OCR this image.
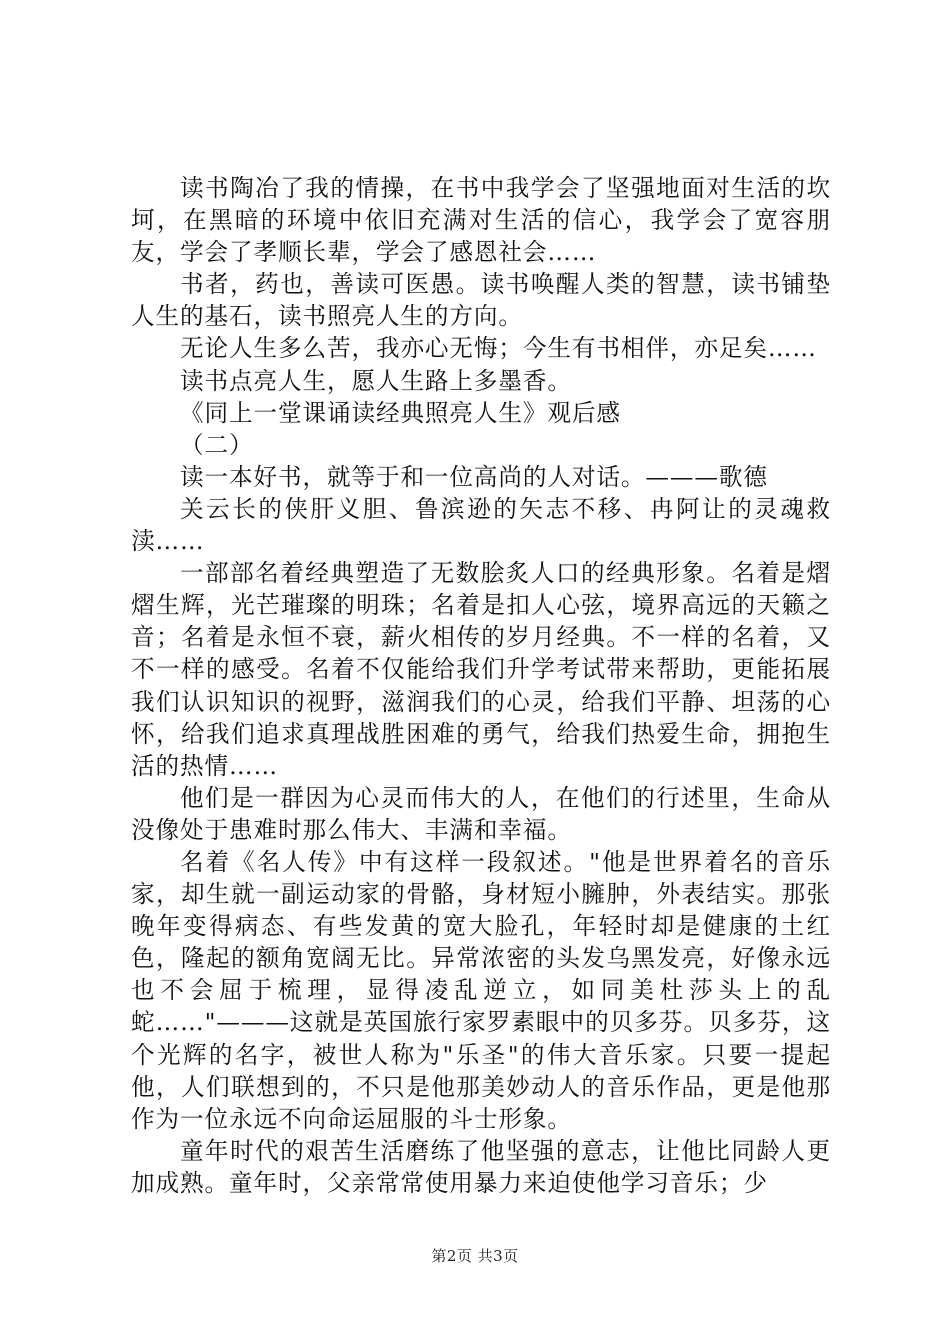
读书陶冶了我的情操，在书中我学会了坚强地面对生活的坎坷，在黑暗的环境中依旧充满对生活的信心，我学会了宽容朋友，学会了孝顺长辈，学会了感恩社会……

书者，药也，善读可医愚。读书唤醒人类的智慧，读书铺垫人生的基石，读书照亮人生的方向。

无论人生多么苦，我亦心无悔；今生有书相伴，亦足矣……

读书点亮人生，愿人生路上多墨香。

《同上一堂课诵读经典照亮人生》观后感

（二）

读一本好书，就等于和一位高尚的人对话。———歌德

关云长的侠肝义胆、鲁滨逊的矢志不移、冉阿让的灵魂救渎……

一部部名着经典塑造了无数脍炙人口的经典形象。名着是熠熠生辉，光芒璀璨的明珠；名着是扣人心弦，境界高远的天籁之音；名着是永恒不衰，薪火相传的岁月经典。不一样的名着，又不一样的感受。名着不仅能给我们升学考试带来帮助，更能拓展我们认识知识的视野，滋润我们的心灵，给我们平静、坦荡的心怀，给我们追求真理战胜困难的勇气，给我们热爱生命，拥抱生活的热情……

他们是一群因为心灵而伟大的人，在他们的行述里，生命从没像处于患难时那么伟大、丰满和幸福。

名着《名人传》中有这样一段叙述。"他是世界着名的音乐家，却生就一副运动家的骨骼，身材短小臃肿，外表结实。那张晚年变得病态、有些发黄的宽大脸孔，年轻时却是健康的土红色，隆起的额角宽阔无比。异常浓密的头发乌黑发亮，好像永远也不会屈于梳理，显得凌乱逆立，如同美杜莎头上的乱蛇……"———这就是英国旅行家罗素眼中的贝多芬。贝多芬，这个光辉的名字，被世人称为"乐圣"的伟大音乐家。只要一提起他，人们联想到的，不只是他那美妙动人的音乐作品，更是他那作为一位永远不向命运屈服的斗士形象。

童年时代的艰苦生活磨练了他坚强的意志，让他比同龄人更加成熟。童年时，父亲常常使用暴力来迫使他学习音乐；少

第2页 共3页
